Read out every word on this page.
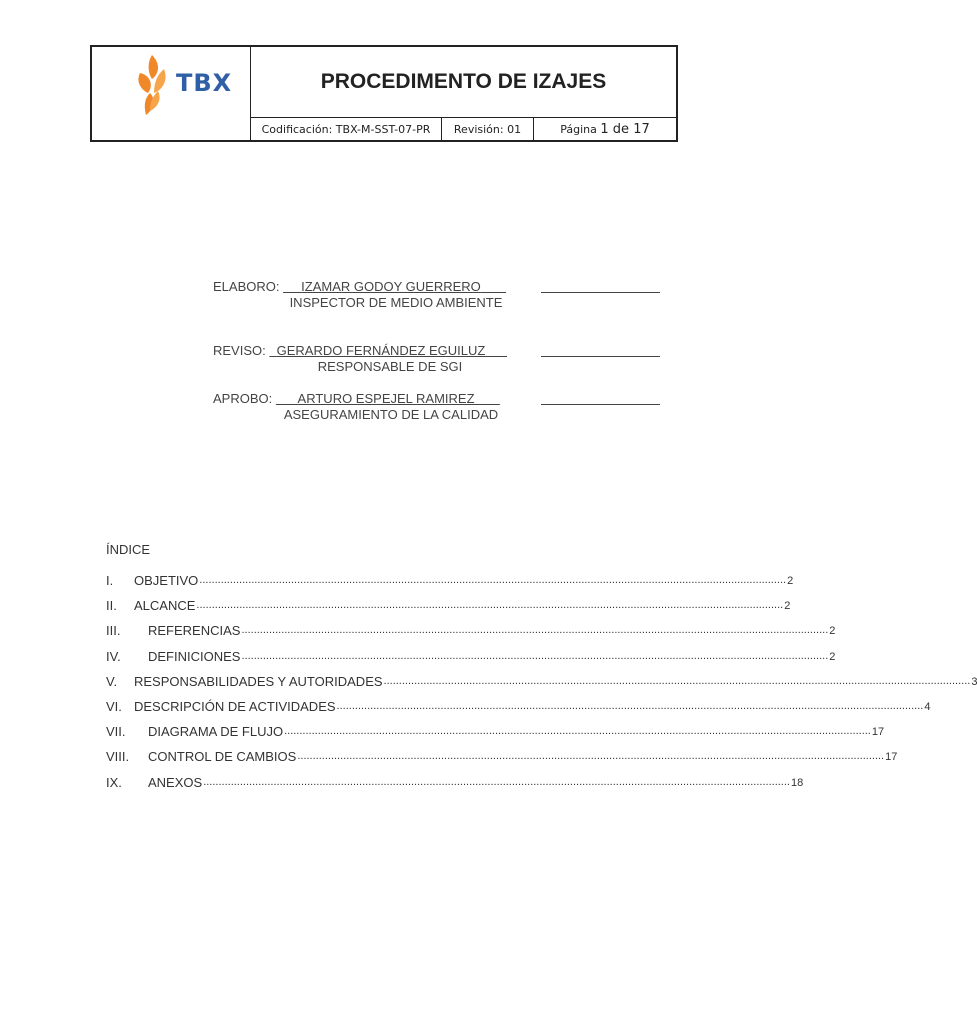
TBX	PROCEDIMENTO DE IZAJES
Codificación: TBX-M-SST-07-PR	Revisión: 01	Página
1 de 17
ELABORO: IZAMAR GODOY GUERRERO
INSPECTOR DE MEDIO AMBIENTE
REVISO: GERARDO FERNÁNDEZ EGUILUZ
RESPONSABLE DE SGI
APROBO: ARTURO ESPEJEL RAMIREZ
ASEGURAMIENTO DE LA CALIDAD
ÍNDICE
I.	OBJETIVO ................................................................................................................................................................................................ 2
II.	ALCANCE ................................................................................................................................................................................................ 2
III.	REFERENCIAS ................................................................................................................................................................................................ 2
IV.	DEFINICIONES ................................................................................................................................................................................................ 2
V.	RESPONSABILIDADES Y AUTORIDADES ................................................................................................................................................................................................ 3
VI. DESCRIPCIÓN DE ACTIVIDADES ................................................................................................................................................................................................ 4
VII.	DIAGRAMA DE FLUJO ................................................................................................................................................................................................ 17
VIII.	CONTROL DE CAMBIOS ................................................................................................................................................................................................ 17
IX.	ANEXOS ................................................................................................................................................................................................ 18
